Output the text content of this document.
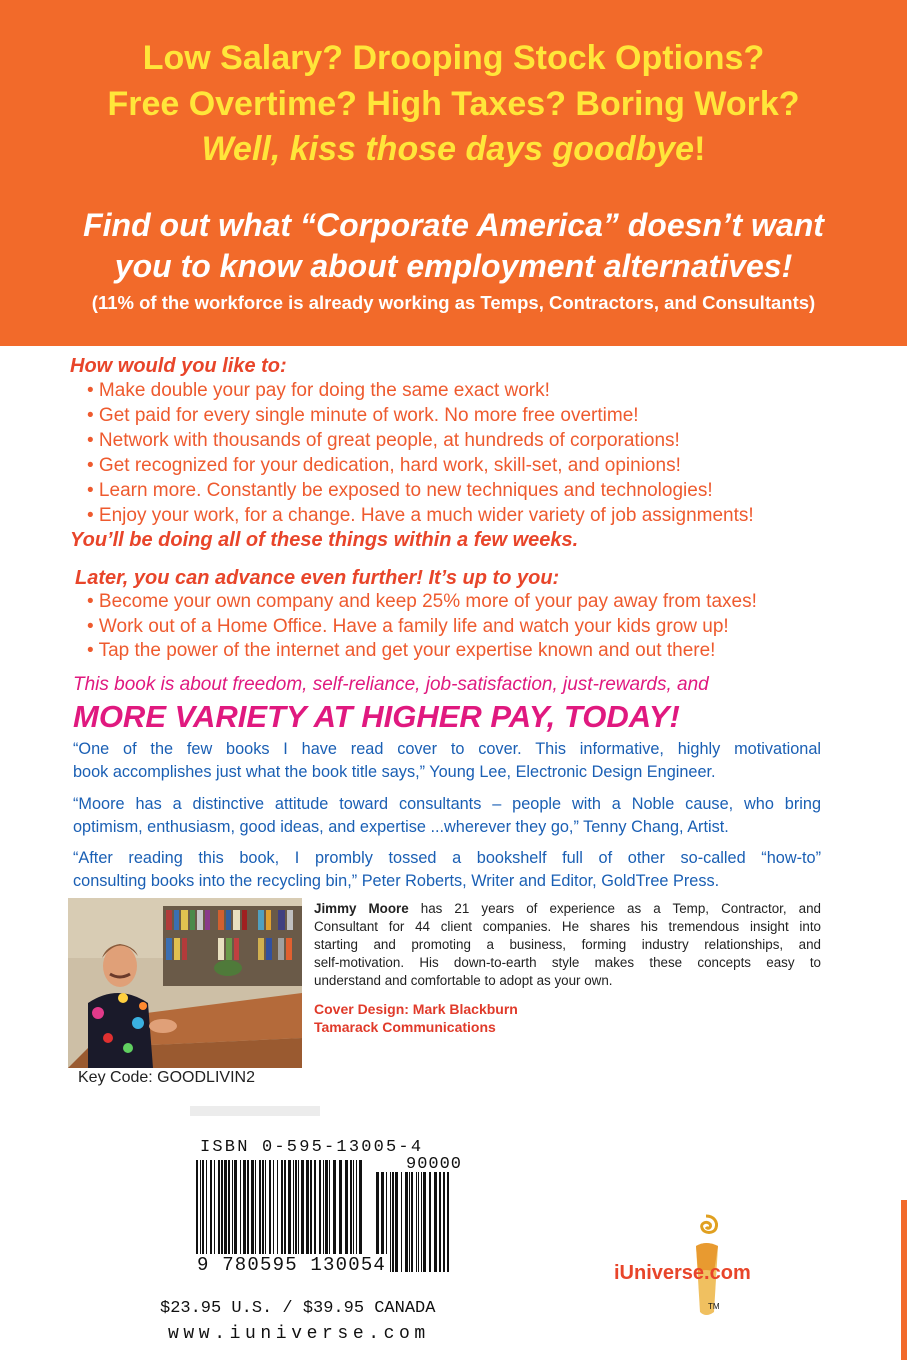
Low Salary? Drooping Stock Options?
Free Overtime? High Taxes? Boring Work?
Well, kiss those days goodbye!
Find out what “Corporate America” doesn’t want
you to know about employment alternatives!
(11% of the workforce is already working as Temps, Contractors, and Consultants)
How would you like to:
• Make double your pay for doing the same exact work!
• Get paid for every single minute of work. No more free overtime!
• Network with thousands of great people, at hundreds of corporations!
• Get recognized for your dedication, hard work, skill-set, and opinions!
• Learn more. Constantly be exposed to new techniques and technologies!
• Enjoy your work, for a change. Have a much wider variety of job assignments!
You’ll be doing all of these things within a few weeks.
Later, you can advance even further! It’s up to you:
• Become your own company and keep 25% more of your pay away from taxes!
• Work out of a Home Office. Have a family life and watch your kids grow up!
• Tap the power of the internet and get your expertise known and out there!
This book is about freedom, self-reliance, job-satisfaction, just-rewards, and
MORE VARIETY AT HIGHER PAY, TODAY!
“One of the few books I have read cover to cover. This informative, highly motivational
book accomplishes just what the book title says,” Young Lee, Electronic Design Engineer.
“Moore has a distinctive attitude toward consultants – people with a Noble cause, who bring
optimism, enthusiasm, good ideas, and expertise ...wherever they go,” Tenny Chang, Artist.
“After reading this book, I prombly tossed a bookshelf full of other so-called “how-to”
consulting books into the recycling bin,” Peter Roberts, Writer and Editor, GoldTree Press.
Jimmy Moore has 21 years of experience as a Temp, Contractor, and
Consultant for 44 client companies. He shares his tremendous insight into
starting and promoting a business, forming industry relationships, and
self-motivation. His down-to-earth style makes these concepts easy to
understand and comfortable to adopt as your own.
Cover Design: Mark Blackburn
Tamarack Communications
Key Code: GOODLIVIN2
ISBN 0-595-13005-4
90000
9 780595 130054
$23.95 U.S. / $39.95 CANADA
www.iuniverse.com
iUniverse.com
TM
